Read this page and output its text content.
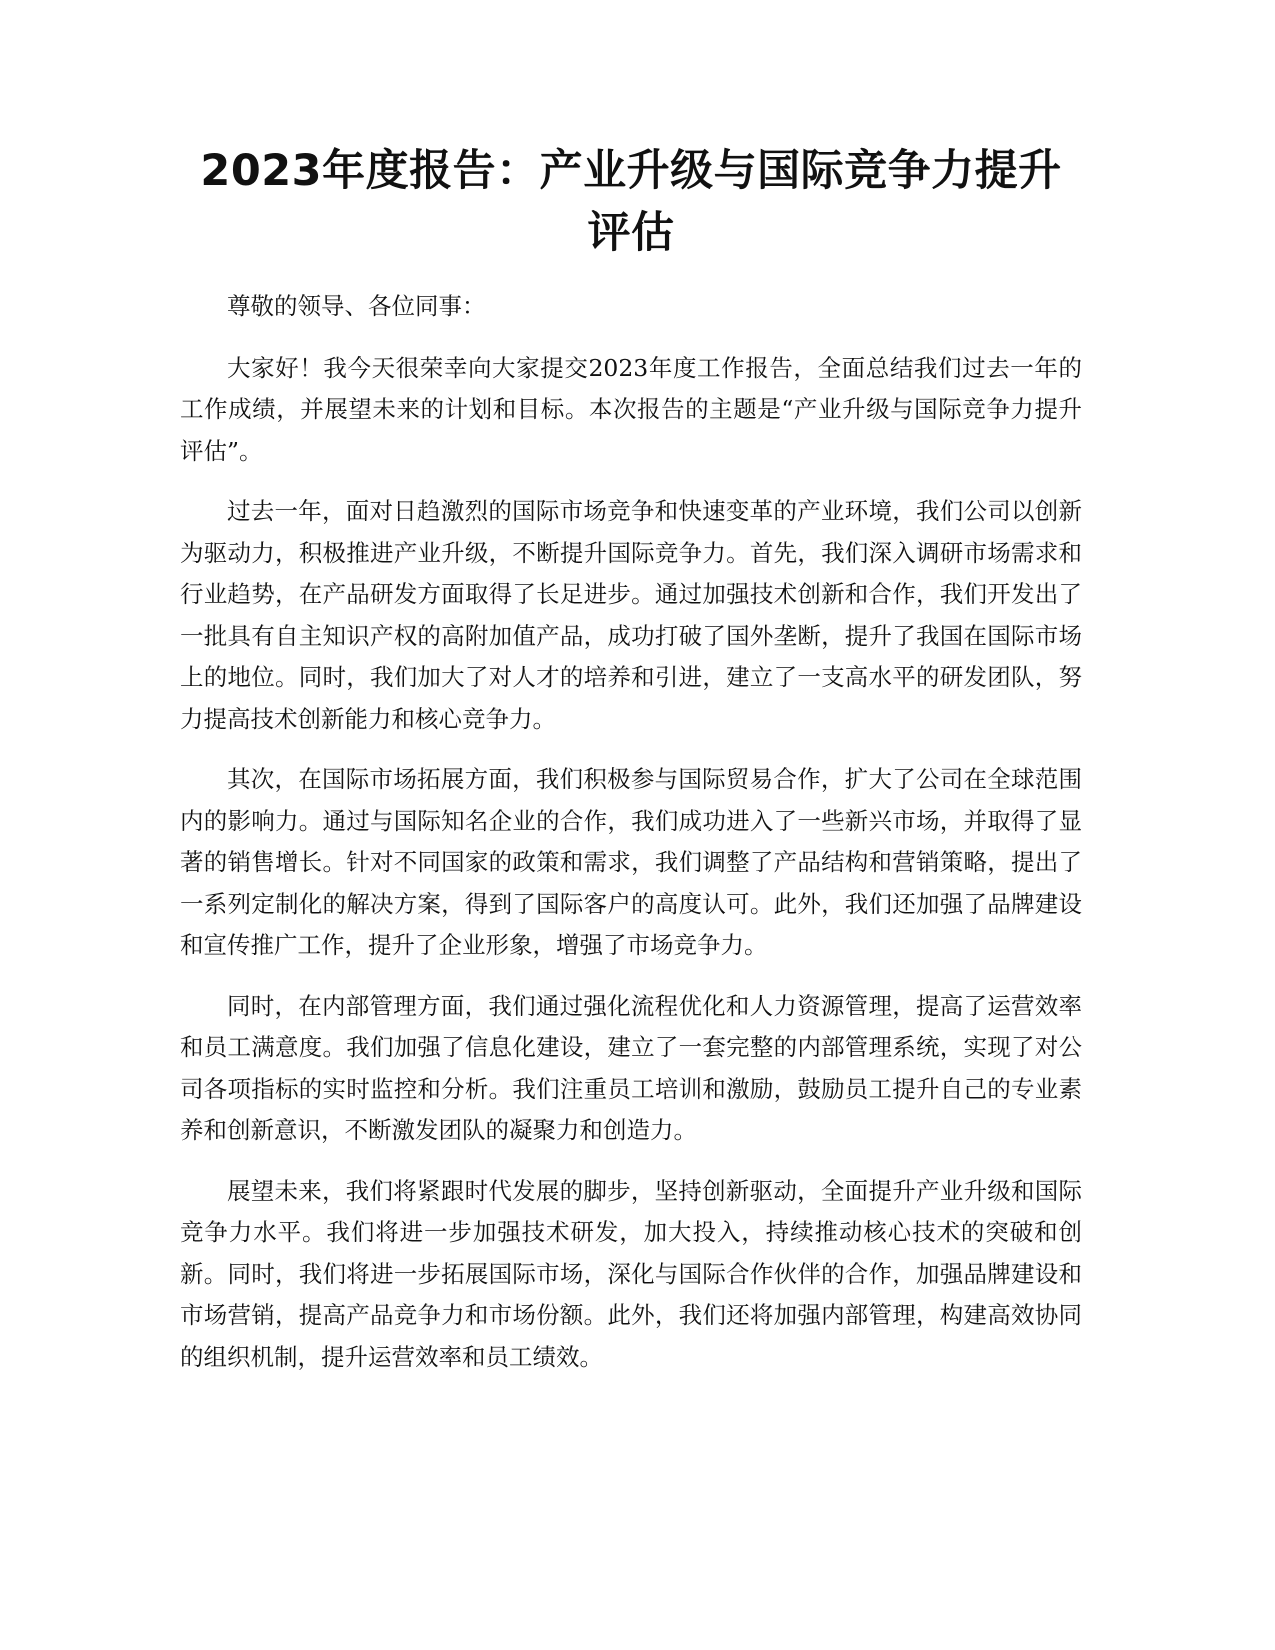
2023年度报告：产业升级与国际竞争力提升评估

尊敬的领导、各位同事：

大家好！我今天很荣幸向大家提交2023年度工作报告，全面总结我们过去一年的工作成绩，并展望未来的计划和目标。本次报告的主题是“产业升级与国际竞争力提升评估”。

过去一年，面对日趋激烈的国际市场竞争和快速变革的产业环境，我们公司以创新为驱动力，积极推进产业升级，不断提升国际竞争力。首先，我们深入调研市场需求和行业趋势，在产品研发方面取得了长足进步。通过加强技术创新和合作，我们开发出了一批具有自主知识产权的高附加值产品，成功打破了国外垄断，提升了我国在国际市场上的地位。同时，我们加大了对人才的培养和引进，建立了一支高水平的研发团队，努力提高技术创新能力和核心竞争力。

其次，在国际市场拓展方面，我们积极参与国际贸易合作，扩大了公司在全球范围内的影响力。通过与国际知名企业的合作，我们成功进入了一些新兴市场，并取得了显著的销售增长。针对不同国家的政策和需求，我们调整了产品结构和营销策略，提出了一系列定制化的解决方案，得到了国际客户的高度认可。此外，我们还加强了品牌建设和宣传推广工作，提升了企业形象，增强了市场竞争力。

同时，在内部管理方面，我们通过强化流程优化和人力资源管理，提高了运营效率和员工满意度。我们加强了信息化建设，建立了一套完整的内部管理系统，实现了对公司各项指标的实时监控和分析。我们注重员工培训和激励，鼓励员工提升自己的专业素养和创新意识，不断激发团队的凝聚力和创造力。

展望未来，我们将紧跟时代发展的脚步，坚持创新驱动，全面提升产业升级和国际竞争力水平。我们将进一步加强技术研发，加大投入，持续推动核心技术的突破和创新。同时，我们将进一步拓展国际市场，深化与国际合作伙伴的合作，加强品牌建设和市场营销，提高产品竞争力和市场份额。此外，我们还将加强内部管理，构建高效协同的组织机制，提升运营效率和员工绩效。
